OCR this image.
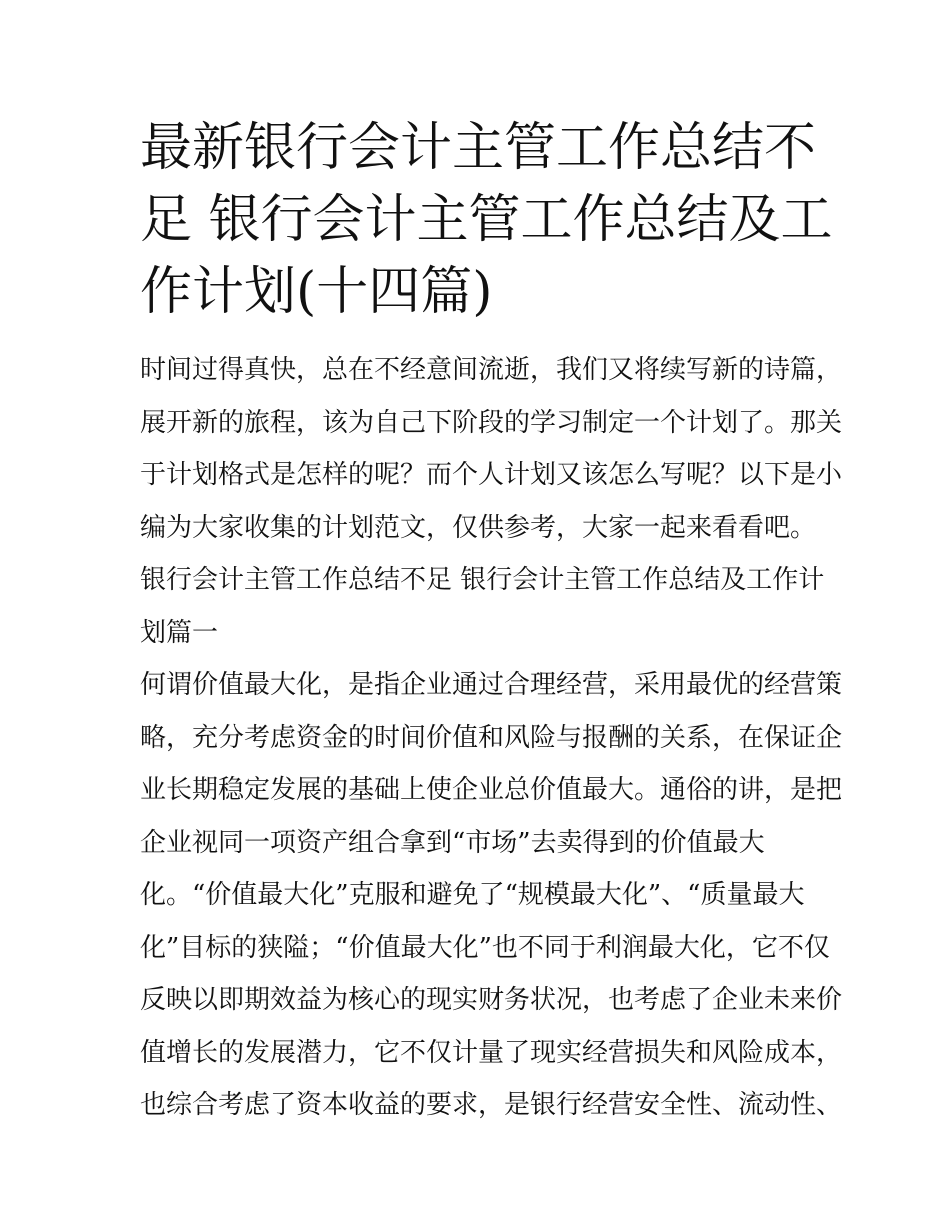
最新银行会计主管工作总结不
足 银行会计主管工作总结及工
作计划(十四篇)
时间过得真快，总在不经意间流逝，我们又将续写新的诗篇，
展开新的旅程，该为自己下阶段的学习制定一个计划了。那关
于计划格式是怎样的呢？而个人计划又该怎么写呢？以下是小
编为大家收集的计划范文，仅供参考，大家一起来看看吧。
银行会计主管工作总结不足 银行会计主管工作总结及工作计
划篇一
何谓价值最大化，是指企业通过合理经营，采用最优的经营策
略，充分考虑资金的时间价值和风险与报酬的关系，在保证企
业长期稳定发展的基础上使企业总价值最大。通俗的讲，是把
企业视同一项资产组合拿到“市场”去卖得到的价值最大
化。“价值最大化”克服和避免了“规模最大化”、“质量最大
化”目标的狭隘；“价值最大化”也不同于利润最大化，它不仅
反映以即期效益为核心的现实财务状况，也考虑了企业未来价
值增长的发展潜力，它不仅计量了现实经营损失和风险成本，
也综合考虑了资本收益的要求，是银行经营安全性、流动性、
